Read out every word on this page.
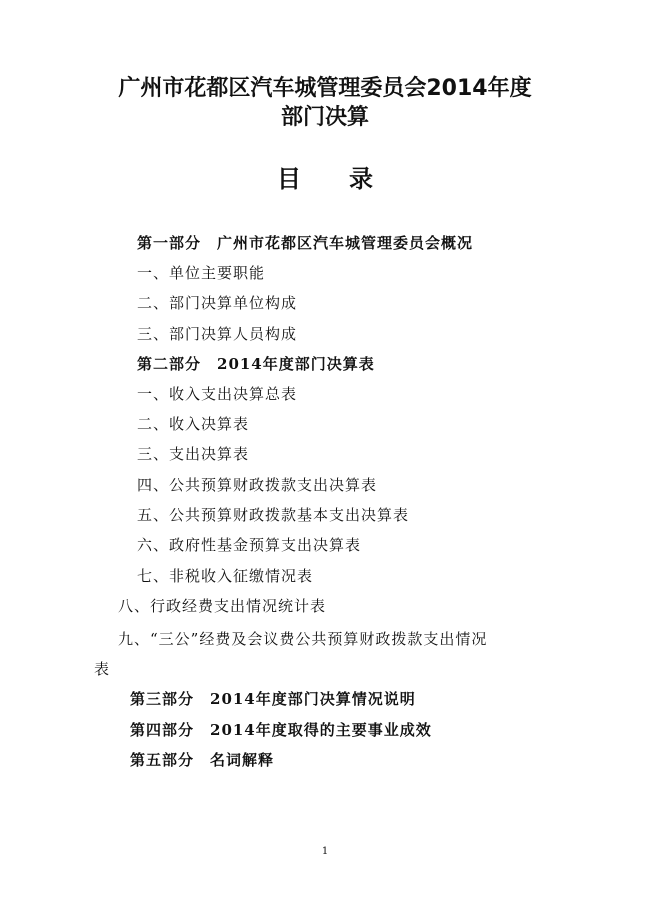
广州市花都区汽车城管理委员会2014年度
部门决算
目录
第一部分　广州市花都区汽车城管理委员会概况
一、单位主要职能
二、部门决算单位构成
三、部门决算人员构成
第二部分　2014年度部门决算表
一、收入支出决算总表
二、收入决算表
三、支出决算表
四、公共预算财政拨款支出决算表
五、公共预算财政拨款基本支出决算表
六、政府性基金预算支出决算表
七、非税收入征缴情况表
八、行政经费支出情况统计表
九、“三公”经费及会议费公共预算财政拨款支出情况
表
第三部分　2014年度部门决算情况说明
第四部分　2014年度取得的主要事业成效
第五部分　名词解释
1
